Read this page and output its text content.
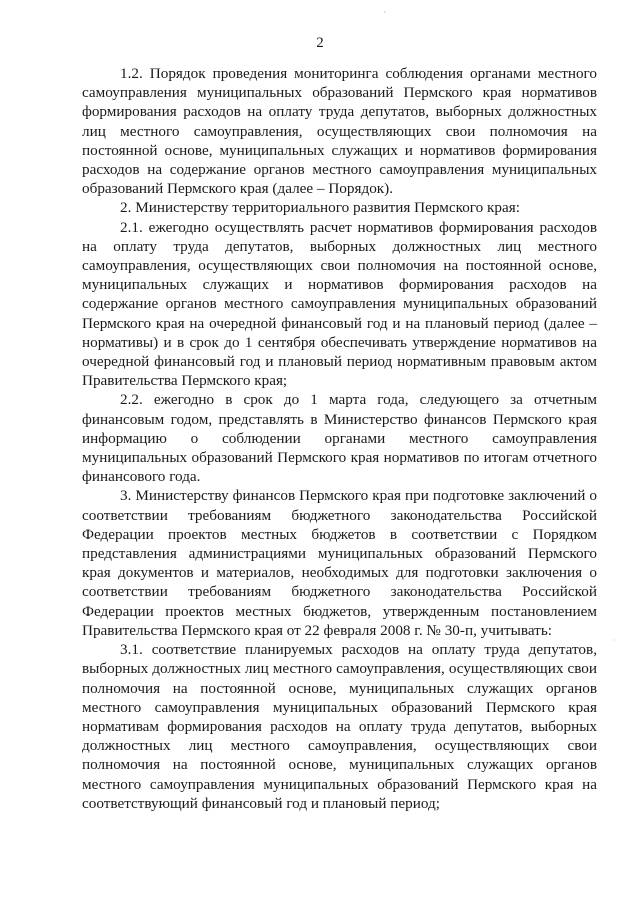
2

1.2. Порядок проведения мониторинга соблюдения органами местного самоуправления муниципальных образований Пермского края нормативов формирования расходов на оплату труда депутатов, выборных должностных лиц местного самоуправления, осуществляющих свои полномочия на постоянной основе, муниципальных служащих и нормативов формирования расходов на содержание органов местного самоуправления муниципальных образований Пермского края (далее – Порядок).

2. Министерству территориального развития Пермского края:

2.1. ежегодно осуществлять расчет нормативов формирования расходов на оплату труда депутатов, выборных должностных лиц местного самоуправления, осуществляющих свои полномочия на постоянной основе, муниципальных служащих и нормативов формирования расходов на содержание органов местного самоуправления муниципальных образований Пермского края на очередной финансовый год и на плановый период (далее – нормативы) и в срок до 1 сентября обеспечивать утверждение нормативов на очередной финансовый год и плановый период нормативным правовым актом Правительства Пермского края;

2.2. ежегодно в срок до 1 марта года, следующего за отчетным финансовым годом, представлять в Министерство финансов Пермского края информацию о соблюдении органами местного самоуправления муниципальных образований Пермского края нормативов по итогам отчетного финансового года.

3. Министерству финансов Пермского края при подготовке заключений о соответствии требованиям бюджетного законодательства Российской Федерации проектов местных бюджетов в соответствии с Порядком представления администрациями муниципальных образований Пермского края документов и материалов, необходимых для подготовки заключения о соответствии требованиям бюджетного законодательства Российской Федерации проектов местных бюджетов, утвержденным постановлением Правительства Пермского края от 22 февраля 2008 г. № 30-п, учитывать:

3.1. соответствие планируемых расходов на оплату труда депутатов, выборных должностных лиц местного самоуправления, осуществляющих свои полномочия на постоянной основе, муниципальных служащих органов местного самоуправления муниципальных образований Пермского края нормативам формирования расходов на оплату труда депутатов, выборных должностных лиц местного самоуправления, осуществляющих свои полномочия на постоянной основе, муниципальных служащих органов местного самоуправления муниципальных образований Пермского края на соответствующий финансовый год и плановый период;
